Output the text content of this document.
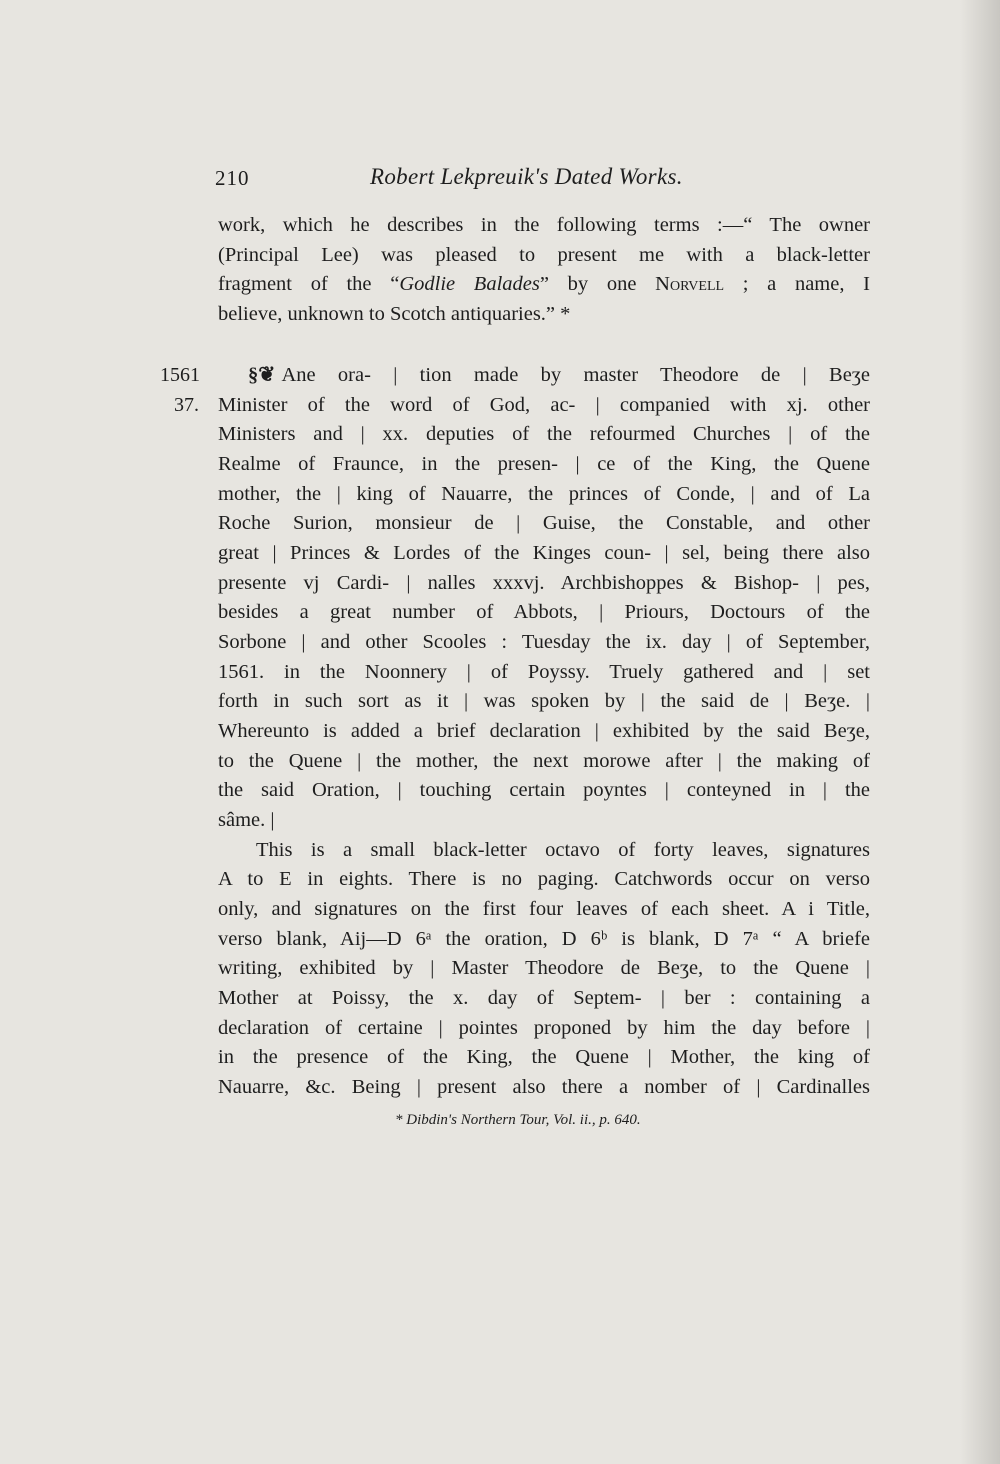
210	Robert Lekpreuik's Dated Works.
work, which he describes in the following terms :—“ The owner
(Principal Lee) was pleased to present me with a black-letter
fragment of the “Godlie Balades” by one Norvell ; a name, I
believe, unknown to Scotch antiquaries.” *
1561
37.
§❦ Ane ora- | tion made by master Theodore de | Beʒe
Minister of the word of God, ac- | companied with xj. other
Ministers and | xx. deputies of the refourmed Churches | of the
Realme of Fraunce, in the presen- | ce of the King, the Quene
mother, the | king of Nauarre, the princes of Conde, | and of La
Roche Surion, monsieur de | Guise, the Constable, and other
great | Princes & Lordes of the Kinges coun- | sel, being there also
presente vj Cardi- | nalles xxxvj. Archbishoppes & Bishop- | pes,
besides a great number of Abbots, | Priours, Doctours of the
Sorbone | and other Scooles : Tuesday the ix. day | of September,
1561. in the Noonnery | of Poyssy. Truely gathered and | set
forth in such sort as it | was spoken by | the said de | Beʒe. |
Whereunto is added a brief declaration | exhibited by the said Beʒe,
to the Quene | the mother, the next morowe after | the making of
the said Oration, | touching certain poyntes | conteyned in | the
sâme. |
This is a small black-letter octavo of forty leaves, signatures
A to E in eights. There is no paging. Catchwords occur on verso
only, and signatures on the first four leaves of each sheet. A i Title,
verso blank, Aij—D 6ᵃ the oration, D 6ᵇ is blank, D 7ᵃ “ A briefe
writing, exhibited by | Master Theodore de Beʒe, to the Quene |
Mother at Poissy, the x. day of Septem- | ber : containing a
declaration of certaine | pointes proponed by him the day before |
in the presence of the King, the Quene | Mother, the king of
Nauarre, &c. Being | present also there a nomber of | Cardinalles
* Dibdin's Northern Tour, Vol. ii., p. 640.
